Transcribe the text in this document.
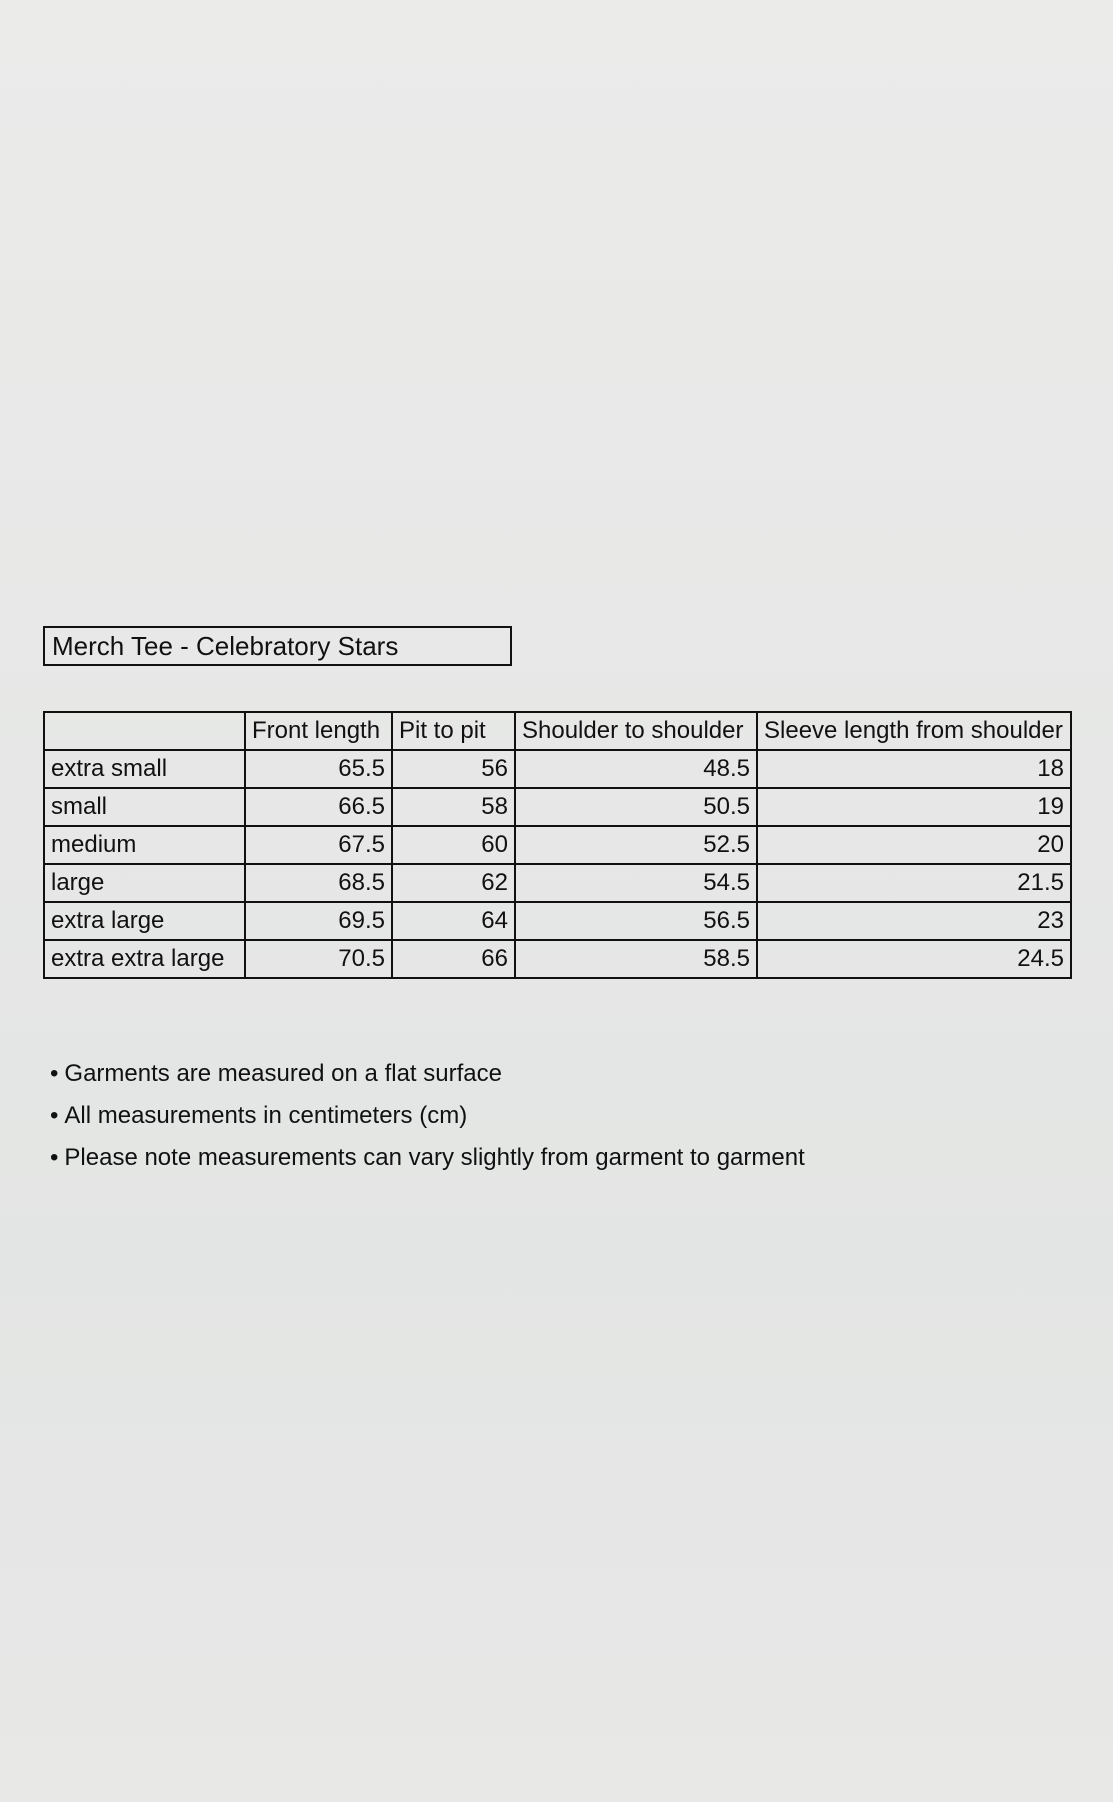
Merch Tee - Celebratory Stars
	Front length	Pit to pit	Shoulder to shoulder	Sleeve length from shoulder
extra small	65.5	56	48.5	18
small	66.5	58	50.5	19
medium	67.5	60	52.5	20
large	68.5	62	54.5	21.5
extra large	69.5	64	56.5	23
extra extra large	70.5	66	58.5	24.5
• Garments are measured on a flat surface
• All measurements in centimeters (cm)
• Please note measurements can vary slightly from garment to garment
